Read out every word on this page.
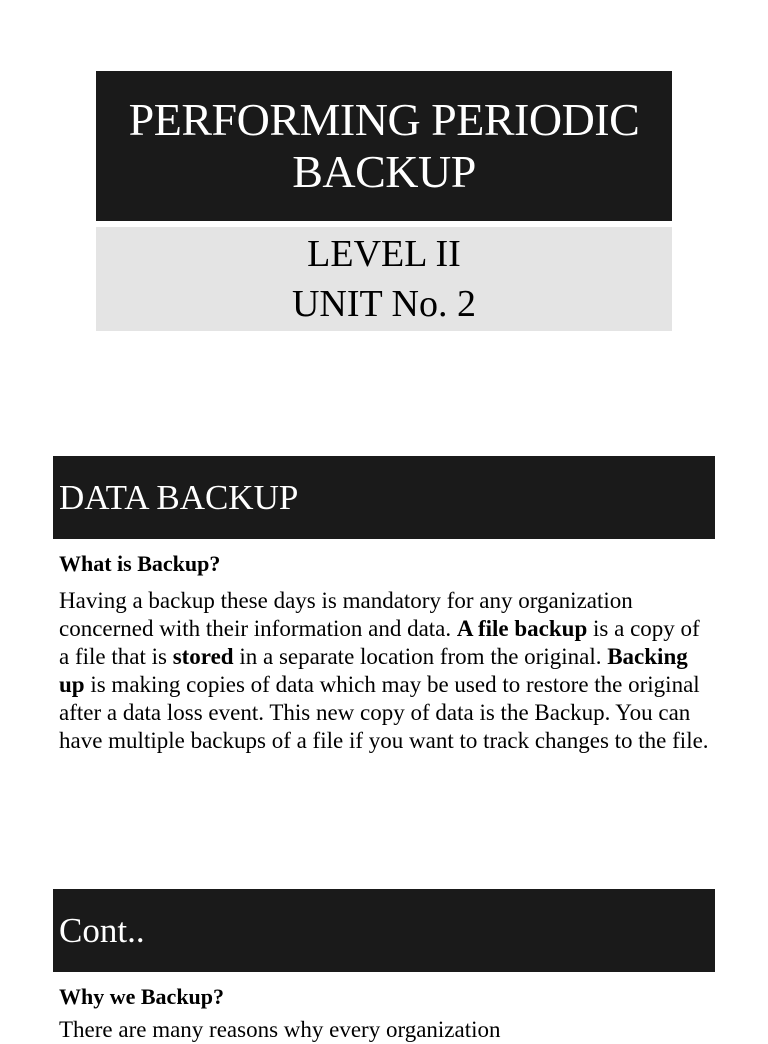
PERFORMING PERIODIC
BACKUP
LEVEL II
UNIT No. 2
DATA BACKUP
What is Backup?
Having a backup these days is mandatory for any organization concerned with their information and data. A file backup is a copy of a file that is stored in a separate location from the original. Backing up is making copies of data which may be used to restore the original after a data loss event. This new copy of data is the Backup. You can have multiple backups of a file if you want to track changes to the file.
Cont..
Why we Backup?
There are many reasons why every organization
